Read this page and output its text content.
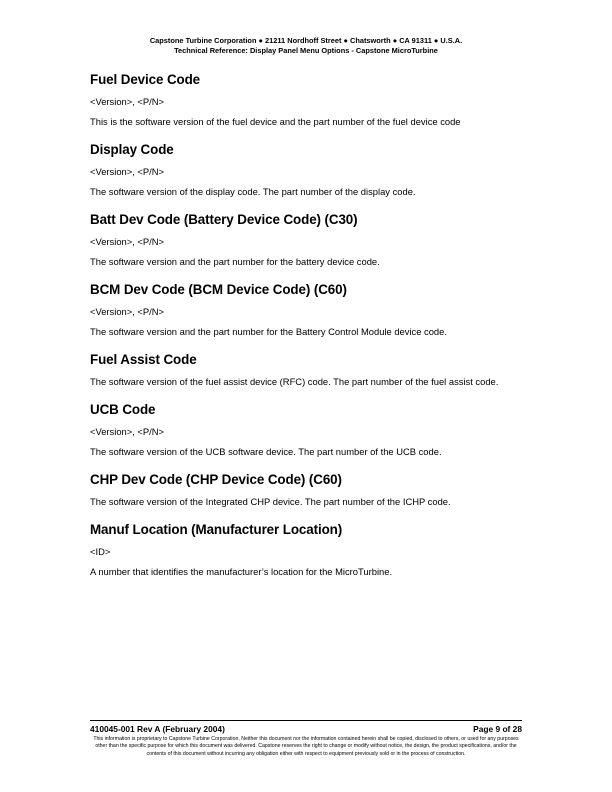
Capstone Turbine Corporation ● 21211 Nordhoff Street ● Chatsworth ● CA 91311 ● U.S.A.
Technical Reference: Display Panel Menu Options - Capstone MicroTurbine
Fuel Device Code

<Version>, <P/N>

This is the software version of the fuel device and the part number of the fuel device code

Display Code

<Version>, <P/N>

The software version of the display code. The part number of the display code.

Batt Dev Code (Battery Device Code) (C30)

<Version>, <P/N>

The software version and the part number for the battery device code.

BCM Dev Code (BCM Device Code) (C60)

<Version>, <P/N>

The software version and the part number for the Battery Control Module device code.

Fuel Assist Code

The software version of the fuel assist device (RFC) code. The part number of the fuel assist code.

UCB Code

<Version>, <P/N>

The software version of the UCB software device. The part number of the UCB code.

CHP Dev Code (CHP Device Code) (C60)

The software version of the Integrated CHP device. The part number of the ICHP code.

Manuf Location (Manufacturer Location)

<ID>

A number that identifies the manufacturer’s location for the MicroTurbine.

410045-001 Rev A (February 2004)	Page 9 of 28
This information is proprietary to Capstone Turbine Corporation. Neither this document nor the information contained herein shall be copied, disclosed to others, or used for any purposes other than the specific purpose for which this document was delivered. Capstone reserves the right to change or modify without notice, the design, the product specifications, and/or the contents of this document without incurring any obligation either with respect to equipment previously sold or in the process of construction.
